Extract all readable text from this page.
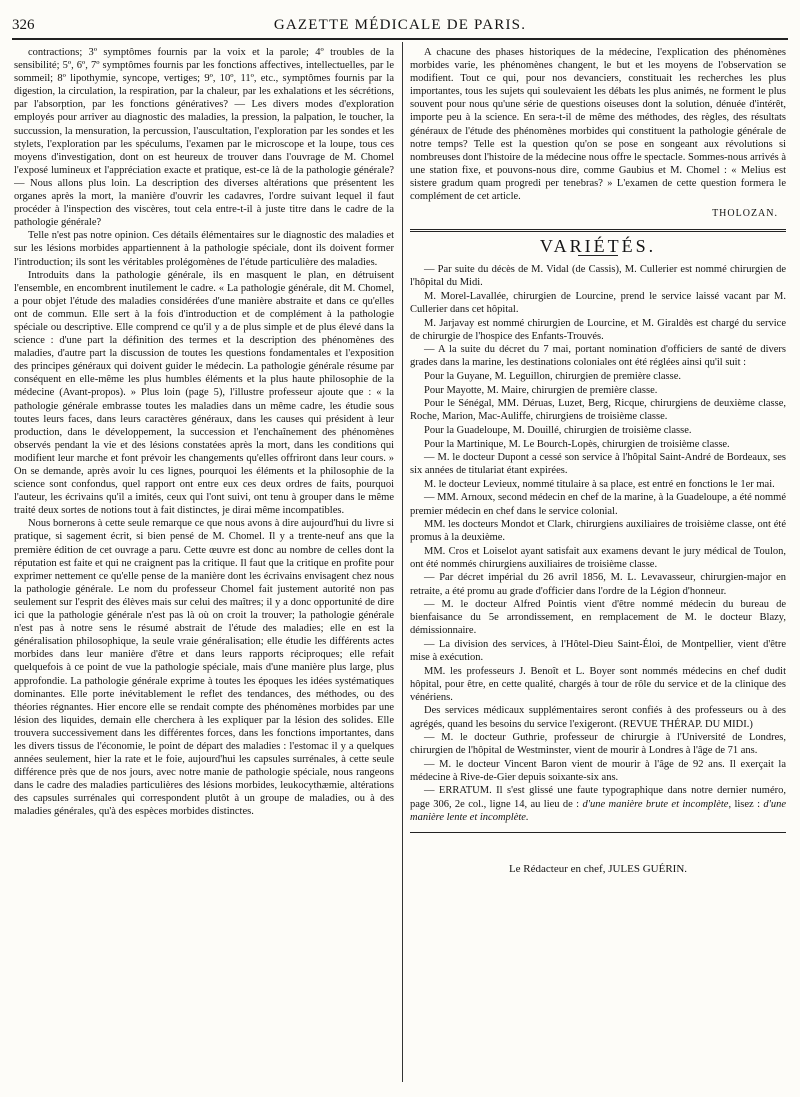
326	GAZETTE MÉDICALE DE PARIS.

contractions; 3º symptômes fournis par la voix et la parole; 4º troubles de la sensibilité; 5º, 6º, 7º symptômes fournis par les fonctions affectives, intellectuelles, par le sommeil; 8º lipothymie, syncope, vertiges; 9º, 10º, 11º, etc., symptômes fournis par la digestion, la circulation, la respiration, par la chaleur, par les exhalations et les sécrétions, par l'absorption, par les fonctions génératives? — Les divers modes d'exploration employés pour arriver au diagnostic des maladies, la pression, la palpation, le toucher, la succussion, la mensuration, la percussion, l'auscultation, l'exploration par les sondes et les stylets, l'exploration par les spéculums, l'examen par le microscope et la loupe, tous ces moyens d'investigation, dont on est heureux de trouver dans l'ouvrage de M. Chomel l'exposé lumineux et l'appréciation exacte et pratique, est-ce là de la pathologie générale? — Nous allons plus loin. La description des diverses altérations que présentent les organes après la mort, la manière d'ouvrir les cadavres, l'ordre suivant lequel il faut procéder à l'inspection des viscères, tout cela entre-t-il à juste titre dans le cadre de la pathologie générale?

Telle n'est pas notre opinion. Ces détails élémentaires sur le diagnostic des maladies et sur les lésions morbides appartiennent à la pathologie spéciale, dont ils doivent former l'introduction; ils sont les véritables prolégomènes de l'étude particulière des maladies.

Introduits dans la pathologie générale, ils en masquent le plan, en détruisent l'ensemble, en encombrent inutilement le cadre. « La pathologie générale, dit M. Chomel, a pour objet l'étude des maladies considérées d'une manière abstraite et dans ce qu'elles ont de commun. Elle sert à la fois d'introduction et de complément à la pathologie spéciale ou descriptive. Elle comprend ce qu'il y a de plus simple et de plus élevé dans la science : d'une part la définition des termes et la description des phénomènes des maladies, d'autre part la discussion de toutes les questions fondamentales et l'exposition des principes généraux qui doivent guider le médecin. La pathologie générale résume par conséquent en elle-même les plus humbles éléments et la plus haute philosophie de la médecine (Avant-propos). » Plus loin (page 5), l'illustre professeur ajoute que : « la pathologie générale embrasse toutes les maladies dans un même cadre, les étudie sous toutes leurs faces, dans leurs caractères généraux, dans les causes qui président à leur production, dans le développement, la succession et l'enchaînement des phénomènes observés pendant la vie et des lésions constatées après la mort, dans les conditions qui modifient leur marche et font prévoir les changements qu'elles offriront dans leur cours. » On se demande, après avoir lu ces lignes, pourquoi les éléments et la philosophie de la science sont confondus, quel rapport ont entre eux ces deux ordres de faits, pourquoi l'auteur, les écrivains qu'il a imités, ceux qui l'ont suivi, ont tenu à grouper dans le même traité deux sortes de notions tout à fait distinctes, je dirai même incompatibles.

Nous bornerons à cette seule remarque ce que nous avons à dire aujourd'hui du livre si pratique, si sagement écrit, si bien pensé de M. Chomel. Il y a trente-neuf ans que la première édition de cet ouvrage a paru. Cette œuvre est donc au nombre de celles dont la réputation est faite et qui ne craignent pas la critique. Il faut que la critique en profite pour exprimer nettement ce qu'elle pense de la manière dont les écrivains envisagent chez nous la pathologie générale. Le nom du professeur Chomel fait justement autorité non pas seulement sur l'esprit des élèves mais sur celui des maîtres; il y a donc opportunité de dire ici que la pathologie générale n'est pas là où on croit la trouver; la pathologie générale n'est pas à notre sens le résumé abstrait de l'étude des maladies; elle en est la généralisation philosophique, la seule vraie généralisation; elle étudie les différents actes morbides dans leur manière d'être et dans leurs rapports réciproques; elle refait quelquefois à ce point de vue la pathologie spéciale, mais d'une manière plus large, plus approfondie. La pathologie générale exprime à toutes les époques les idées systématiques dominantes. Elle porte inévitablement le reflet des tendances, des méthodes, ou des théories régnantes. Hier encore elle se rendait compte des phénomènes morbides par une lésion des liquides, demain elle cherchera à les expliquer par la lésion des solides. Elle trouvera successivement dans les différentes forces, dans les fonctions importantes, dans les divers tissus de l'économie, le point de départ des maladies : l'estomac il y a quelques années seulement, hier la rate et le foie, aujourd'hui les capsules surrénales, à cette seule différence près que de nos jours, avec notre manie de pathologie spéciale, nous rangeons dans le cadre des maladies particulières des lésions morbides, leukocythæmie, altérations des capsules surrénales qui correspondent plutôt à un groupe de maladies, ou à des maladies générales, qu'à des espèces morbides distinctes.

A chacune des phases historiques de la médecine, l'explication des phénomènes morbides varie, les phénomènes changent, le but et les moyens de l'observation se modifient. Tout ce qui, pour nos devanciers, constituait les recherches les plus importantes, tous les sujets qui soulevaient les débats les plus animés, ne forment le plus souvent pour nous qu'une série de questions oiseuses dont la solution, dénuée d'intérêt, importe peu à la science. En sera-t-il de même des méthodes, des règles, des résultats généraux de l'étude des phénomènes morbides qui constituent la pathologie générale de notre temps? Telle est la question qu'on se pose en songeant aux révolutions si nombreuses dont l'histoire de la médecine nous offre le spectacle. Sommes-nous arrivés à une station fixe, et pouvons-nous dire, comme Gaubius et M. Chomel : « Melius est sistere gradum quam progredi per tenebras? » L'examen de cette question formera le complément de cet article.

THOLOZAN.

VARIÉTÉS.

— Par suite du décès de M. Vidal (de Cassis), M. Cullerier est nommé chirurgien de l'hôpital du Midi.

M. Morel-Lavallée, chirurgien de Lourcine, prend le service laissé vacant par M. Cullerier dans cet hôpital.

M. Jarjavay est nommé chirurgien de Lourcine, et M. Giraldès est chargé du service de chirurgie de l'hospice des Enfants-Trouvés.

— A la suite du décret du 7 mai, portant nomination d'officiers de santé de divers grades dans la marine, les destinations coloniales ont été réglées ainsi qu'il suit :

Pour la Guyane, M. Leguillon, chirurgien de première classe.

Pour Mayotte, M. Maire, chirurgien de première classe.

Pour le Sénégal, MM. Déruas, Luzet, Berg, Ricque, chirurgiens de deuxième classe, Roche, Marion, Mac-Auliffe, chirurgiens de troisième classe.

Pour la Guadeloupe, M. Douillé, chirurgien de troisième classe.

Pour la Martinique, M. Le Bourch-Lopès, chirurgien de troisième classe.

— M. le docteur Dupont a cessé son service à l'hôpital Saint-André de Bordeaux, ses six années de titulariat étant expirées.

M. le docteur Levieux, nommé titulaire à sa place, est entré en fonctions le 1er mai.

— MM. Arnoux, second médecin en chef de la marine, à la Guadeloupe, a été nommé premier médecin en chef dans le service colonial.

MM. les docteurs Mondot et Clark, chirurgiens auxiliaires de troisième classe, ont été promus à la deuxième.

MM. Cros et Loiselot ayant satisfait aux examens devant le jury médical de Toulon, ont été nommés chirurgiens auxiliaires de troisième classe.

— Par décret impérial du 26 avril 1856, M. L. Levavasseur, chirurgien-major en retraite, a été promu au grade d'officier dans l'ordre de la Légion d'honneur.

— M. le docteur Alfred Pointis vient d'être nommé médecin du bureau de bienfaisance du 5e arrondissement, en remplacement de M. le docteur Blazy, démissionnaire.

— La division des services, à l'Hôtel-Dieu Saint-Éloi, de Montpellier, vient d'être mise à exécution.

MM. les professeurs J. Benoît et L. Boyer sont nommés médecins en chef dudit hôpital, pour être, en cette qualité, chargés à tour de rôle du service et de la clinique des vénériens.

Des services médicaux supplémentaires seront confiés à des professeurs ou à des agrégés, quand les besoins du service l'exigeront. (REVUE THÉRAP. DU MIDI.)

— M. le docteur Guthrie, professeur de chirurgie à l'Université de Londres, chirurgien de l'hôpital de Westminster, vient de mourir à Londres à l'âge de 71 ans.

— M. le docteur Vincent Baron vient de mourir à l'âge de 92 ans. Il exerçait la médecine à Rive-de-Gier depuis soixante-six ans.

— ERRATUM. Il s'est glissé une faute typographique dans notre dernier numéro, page 306, 2e col., ligne 14, au lieu de : d'une manière brute et incomplète, lisez : d'une manière lente et incomplète.

Le Rédacteur en chef, JULES GUÉRIN.
